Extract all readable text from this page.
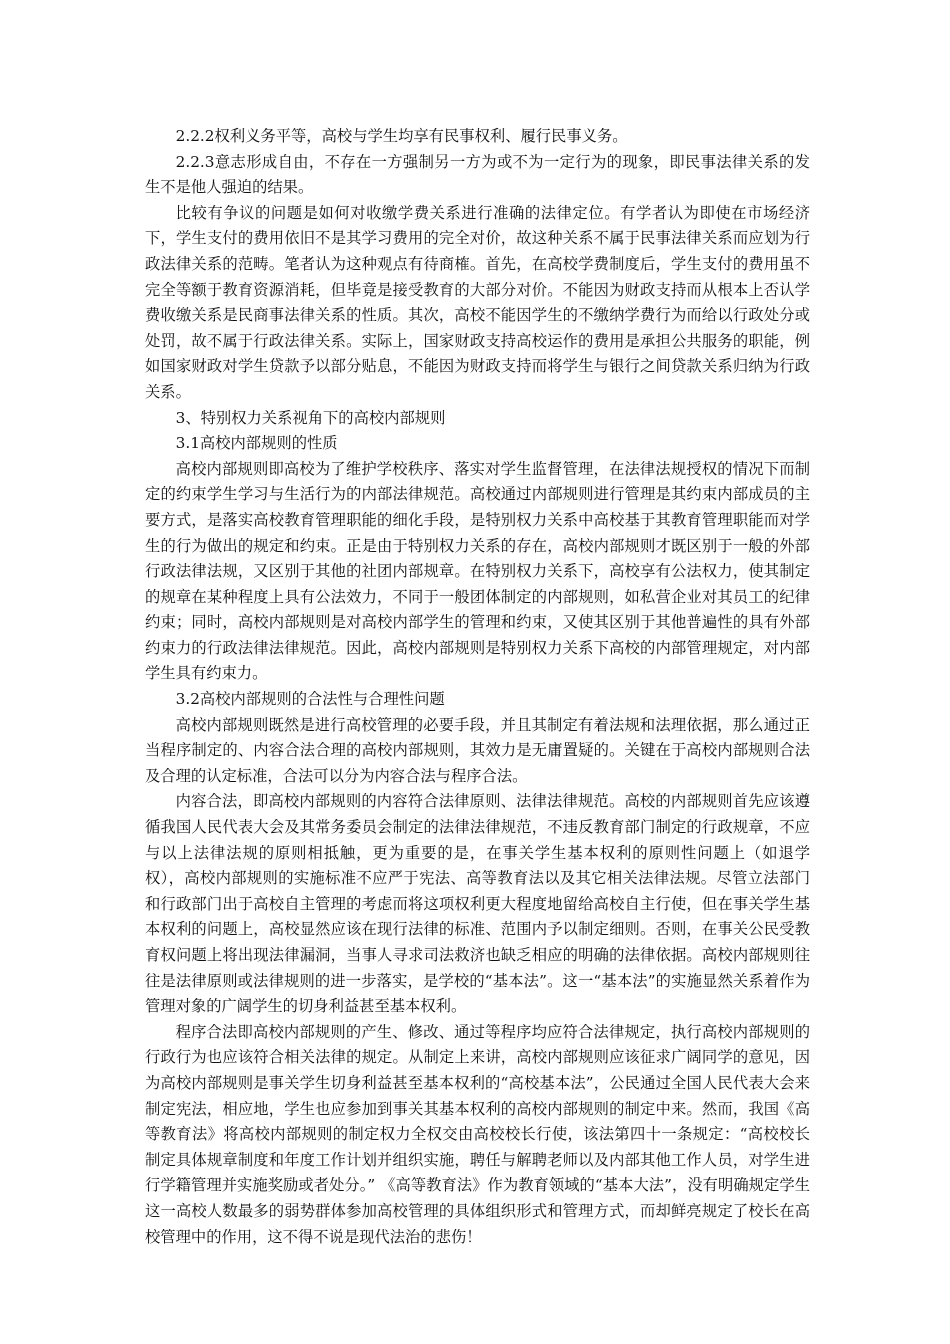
2.2.2权利义务平等，高校与学生均享有民事权利、履行民事义务。

2.2.3意志形成自由，不存在一方强制另一方为或不为一定行为的现象，即民事法律关系的发生不是他人强迫的结果。

比较有争议的问题是如何对收缴学费关系进行准确的法律定位。有学者认为即使在市场经济下，学生支付的费用依旧不是其学习费用的完全对价，故这种关系不属于民事法律关系而应划为行政法律关系的范畴。笔者认为这种观点有待商榷。首先，在高校学费制度后，学生支付的费用虽不完全等额于教育资源消耗，但毕竟是接受教育的大部分对价。不能因为财政支持而从根本上否认学费收缴关系是民商事法律关系的性质。其次，高校不能因学生的不缴纳学费行为而给以行政处分或处罚，故不属于行政法律关系。实际上，国家财政支持高校运作的费用是承担公共服务的职能，例如国家财政对学生贷款予以部分贴息，不能因为财政支持而将学生与银行之间贷款关系归纳为行政关系。

3、特别权力关系视角下的高校内部规则

3.1高校内部规则的性质

高校内部规则即高校为了维护学校秩序、落实对学生监督管理，在法律法规授权的情况下而制定的约束学生学习与生活行为的内部法律规范。高校通过内部规则进行管理是其约束内部成员的主要方式，是落实高校教育管理职能的细化手段，是特别权力关系中高校基于其教育管理职能而对学生的行为做出的规定和约束。正是由于特别权力关系的存在，高校内部规则才既区别于一般的外部行政法律法规，又区别于其他的社团内部规章。在特别权力关系下，高校享有公法权力，使其制定的规章在某种程度上具有公法效力，不同于一般团体制定的内部规则，如私营企业对其员工的纪律约束；同时，高校内部规则是对高校内部学生的管理和约束，又使其区别于其他普遍性的具有外部约束力的行政法律法律规范。因此，高校内部规则是特别权力关系下高校的内部管理规定，对内部学生具有约束力。

3.2高校内部规则的合法性与合理性问题

高校内部规则既然是进行高校管理的必要手段，并且其制定有着法规和法理依据，那么通过正当程序制定的、内容合法合理的高校内部规则，其效力是无庸置疑的。关键在于高校内部规则合法及合理的认定标准，合法可以分为内容合法与程序合法。

内容合法，即高校内部规则的内容符合法律原则、法律法律规范。高校的内部规则首先应该遵循我国人民代表大会及其常务委员会制定的法律法律规范，不违反教育部门制定的行政规章，不应与以上法律法规的原则相抵触，更为重要的是，在事关学生基本权利的原则性问题上（如退学权），高校内部规则的实施标准不应严于宪法、高等教育法以及其它相关法律法规。尽管立法部门和行政部门出于高校自主管理的考虑而将这项权利更大程度地留给高校自主行使，但在事关学生基本权利的问题上，高校显然应该在现行法律的标准、范围内予以制定细则。否则，在事关公民受教育权问题上将出现法律漏洞，当事人寻求司法救济也缺乏相应的明确的法律依据。高校内部规则往往是法律原则或法律规则的进一步落实，是学校的“基本法”。这一“基本法”的实施显然关系着作为管理对象的广阔学生的切身利益甚至基本权利。

程序合法即高校内部规则的产生、修改、通过等程序均应符合法律规定，执行高校内部规则的行政行为也应该符合相关法律的规定。从制定上来讲，高校内部规则应该征求广阔同学的意见，因为高校内部规则是事关学生切身利益甚至基本权利的“高校基本法”，公民通过全国人民代表大会来制定宪法，相应地，学生也应参加到事关其基本权利的高校内部规则的制定中来。然而，我国《高等教育法》将高校内部规则的制定权力全权交由高校校长行使，该法第四十一条规定：“高校校长制定具体规章制度和年度工作计划并组织实施，聘任与解聘老师以及内部其他工作人员，对学生进行学籍管理并实施奖励或者处分。” 《高等教育法》作为教育领域的“基本大法”，没有明确规定学生这一高校人数最多的弱势群体参加高校管理的具体组织形式和管理方式，而却鲜亮规定了校长在高校管理中的作用，这不得不说是现代法治的悲伤！
